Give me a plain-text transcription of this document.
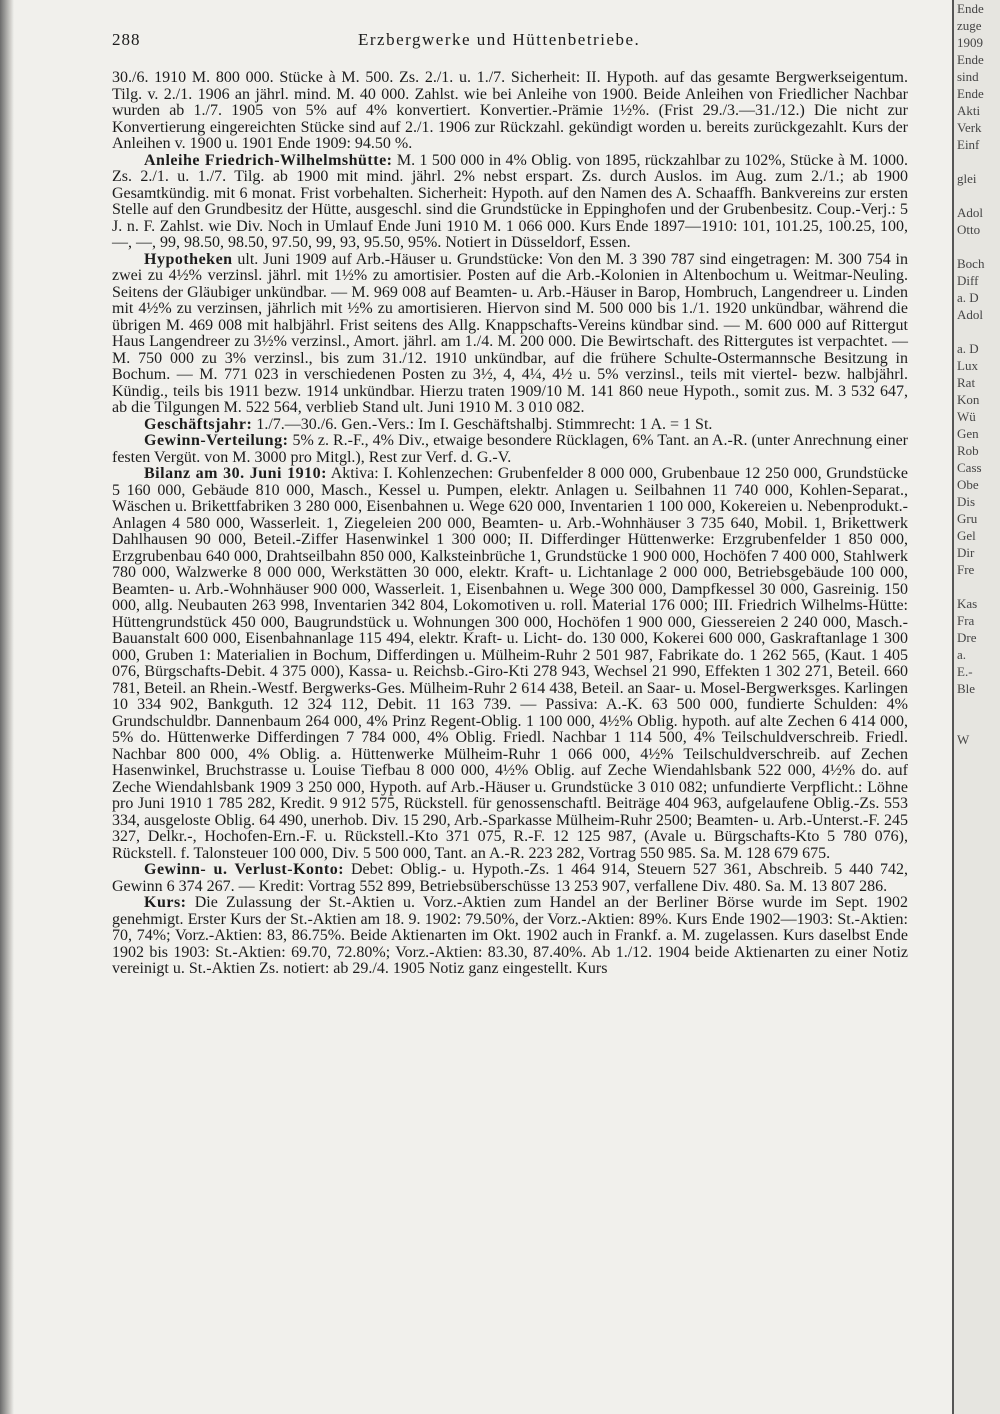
288	Erzbergwerke und Hüttenbetriebe.

30./6. 1910 M. 800 000. Stücke à M. 500. Zs. 2./1. u. 1./7. Sicherheit: II. Hypoth. auf das gesamte Bergwerkseigentum. Tilg. v. 2./1. 1906 an jährl. mind. M. 40 000. Zahlst. wie bei Anleihe von 1900. Beide Anleihen von Friedlicher Nachbar wurden ab 1./7. 1905 von 5% auf 4% konvertiert. Konvertier.-Prämie 1½%. (Frist 29./3.—31./12.) Die nicht zur Konvertierung eingereichten Stücke sind auf 2./1. 1906 zur Rückzahl. gekündigt worden u. bereits zurückgezahlt. Kurs der Anleihen v. 1900 u. 1901 Ende 1909: 94.50 %.

Anleihe Friedrich-Wilhelmshütte: M. 1 500 000 in 4% Oblig. von 1895, rückzahlbar zu 102%, Stücke à M. 1000. Zs. 2./1. u. 1./7. Tilg. ab 1900 mit mind. jährl. 2% nebst erspart. Zs. durch Auslos. im Aug. zum 2./1.; ab 1900 Gesamtkündig. mit 6 monat. Frist vorbehalten. Sicherheit: Hypoth. auf den Namen des A. Schaaffh. Bankvereins zur ersten Stelle auf den Grundbesitz der Hütte, ausgeschl. sind die Grundstücke in Eppinghofen und der Grubenbesitz. Coup.-Verj.: 5 J. n. F. Zahlst. wie Div. Noch in Umlauf Ende Juni 1910 M. 1 066 000. Kurs Ende 1897—1910: 101, 101.25, 100.25, 100, —, —, 99, 98.50, 98.50, 97.50, 99, 93, 95.50, 95%. Notiert in Düsseldorf, Essen.

Hypotheken ult. Juni 1909 auf Arb.-Häuser u. Grundstücke: Von den M. 3 390 787 sind eingetragen: M. 300 754 in zwei zu 4½% verzinsl. jährl. mit 1½% zu amortisier. Posten auf die Arb.-Kolonien in Altenbochum u. Weitmar-Neuling. Seitens der Gläubiger unkündbar. — M. 969 008 auf Beamten- u. Arb.-Häuser in Barop, Hombruch, Langendreer u. Linden mit 4½% zu verzinsen, jährlich mit ½% zu amortisieren. Hiervon sind M. 500 000 bis 1./1. 1920 unkündbar, während die übrigen M. 469 008 mit halbjährl. Frist seitens des Allg. Knappschafts-Vereins kündbar sind. — M. 600 000 auf Rittergut Haus Langendreer zu 3½% verzinsl., Amort. jährl. am 1./4. M. 200 000. Die Bewirtschaft. des Rittergutes ist verpachtet. — M. 750 000 zu 3% verzinsl., bis zum 31./12. 1910 unkündbar, auf die frühere Schulte-Ostermannsche Besitzung in Bochum. — M. 771 023 in verschiedenen Posten zu 3½, 4, 4¼, 4½ u. 5% verzinsl., teils mit viertel- bezw. halbjährl. Kündig., teils bis 1911 bezw. 1914 unkündbar. Hierzu traten 1909/10 M. 141 860 neue Hypoth., somit zus. M. 3 532 647, ab die Tilgungen M. 522 564, verblieb Stand ult. Juni 1910 M. 3 010 082.

Geschäftsjahr: 1./7.—30./6. Gen.-Vers.: Im I. Geschäftshalbj. Stimmrecht: 1 A. = 1 St.

Gewinn-Verteilung: 5% z. R.-F., 4% Div., etwaige besondere Rücklagen, 6% Tant. an A.-R. (unter Anrechnung einer festen Vergüt. von M. 3000 pro Mitgl.), Rest zur Verf. d. G.-V.

Bilanz am 30. Juni 1910: Aktiva: I. Kohlenzechen: Grubenfelder 8 000 000, Grubenbaue 12 250 000, Grundstücke 5 160 000, Gebäude 810 000, Masch., Kessel u. Pumpen, elektr. Anlagen u. Seilbahnen 11 740 000, Kohlen-Separat., Wäschen u. Brikettfabriken 3 280 000, Eisenbahnen u. Wege 620 000, Inventarien 1 100 000, Kokereien u. Nebenprodukt.-Anlagen 4 580 000, Wasserleit. 1, Ziegeleien 200 000, Beamten- u. Arb.-Wohnhäuser 3 735 640, Mobil. 1, Brikettwerk Dahlhausen 90 000, Beteil.-Ziffer Hasenwinkel 1 300 000; II. Differdinger Hüttenwerke: Erzgrubenfelder 1 850 000, Erzgrubenbau 640 000, Drahtseilbahn 850 000, Kalksteinbrüche 1, Grundstücke 1 900 000, Hochöfen 7 400 000, Stahlwerk 780 000, Walzwerke 8 000 000, Werkstätten 30 000, elektr. Kraft- u. Lichtanlage 2 000 000, Betriebsgebäude 100 000, Beamten- u. Arb.-Wohnhäuser 900 000, Wasserleit. 1, Eisenbahnen u. Wege 300 000, Dampfkessel 30 000, Gasreinig. 150 000, allg. Neubauten 263 998, Inventarien 342 804, Lokomotiven u. roll. Material 176 000; III. Friedrich Wilhelms-Hütte: Hüttengrundstück 450 000, Baugrundstück u. Wohnungen 300 000, Hochöfen 1 900 000, Giessereien 2 240 000, Masch.-Bauanstalt 600 000, Eisenbahnanlage 115 494, elektr. Kraft- u. Licht- do. 130 000, Kokerei 600 000, Gaskraftanlage 1 300 000, Gruben 1: Materialien in Bochum, Differdingen u. Mülheim-Ruhr 2 501 987, Fabrikate do. 1 262 565, (Kaut. 1 405 076, Bürgschafts-Debit. 4 375 000), Kassa- u. Reichsb.-Giro-Kti 278 943, Wechsel 21 990, Effekten 1 302 271, Beteil. 660 781, Beteil. an Rhein.-Westf. Bergwerks-Ges. Mülheim-Ruhr 2 614 438, Beteil. an Saar- u. Mosel-Bergwerksges. Karlingen 10 334 902, Bankguth. 12 324 112, Debit. 11 163 739. — Passiva: A.-K. 63 500 000, fundierte Schulden: 4% Grundschuldbr. Dannenbaum 264 000, 4% Prinz Regent-Oblig. 1 100 000, 4½% Oblig. hypoth. auf alte Zechen 6 414 000, 5% do. Hüttenwerke Differdingen 7 784 000, 4% Oblig. Friedl. Nachbar 1 114 500, 4% Teilschuldverschreib. Friedl. Nachbar 800 000, 4% Oblig. a. Hüttenwerke Mülheim-Ruhr 1 066 000, 4½% Teilschuldverschreib. auf Zechen Hasenwinkel, Bruchstrasse u. Louise Tiefbau 8 000 000, 4½% Oblig. auf Zeche Wiendahlsbank 522 000, 4½% do. auf Zeche Wiendahlsbank 1909 3 250 000, Hypoth. auf Arb.-Häuser u. Grundstücke 3 010 082; unfundierte Verpflicht.: Löhne pro Juni 1910 1 785 282, Kredit. 9 912 575, Rückstell. für genossenschaftl. Beiträge 404 963, aufgelaufene Oblig.-Zs. 553 334, ausgeloste Oblig. 64 490, unerhob. Div. 15 290, Arb.-Sparkasse Mülheim-Ruhr 2500; Beamten- u. Arb.-Unterst.-F. 245 327, Delkr.-, Hochofen-Ern.-F. u. Rückstell.-Kto 371 075, R.-F. 12 125 987, (Avale u. Bürgschafts-Kto 5 780 076), Rückstell. f. Talonsteuer 100 000, Div. 5 500 000, Tant. an A.-R. 223 282, Vortrag 550 985. Sa. M. 128 679 675.

Gewinn- u. Verlust-Konto: Debet: Oblig.- u. Hypoth.-Zs. 1 464 914, Steuern 527 361, Abschreib. 5 440 742, Gewinn 6 374 267. — Kredit: Vortrag 552 899, Betriebsüberschüsse 13 253 907, verfallene Div. 480. Sa. M. 13 807 286.

Kurs: Die Zulassung der St.-Aktien u. Vorz.-Aktien zum Handel an der Berliner Börse wurde im Sept. 1902 genehmigt. Erster Kurs der St.-Aktien am 18. 9. 1902: 79.50%, der Vorz.-Aktien: 89%. Kurs Ende 1902—1903: St.-Aktien: 70, 74%; Vorz.-Aktien: 83, 86.75%. Beide Aktienarten im Okt. 1902 auch in Frankf. a. M. zugelassen. Kurs daselbst Ende 1902 bis 1903: St.-Aktien: 69.70, 72.80%; Vorz.-Aktien: 83.30, 87.40%. Ab 1./12. 1904 beide Aktienarten zu einer Notiz vereinigt u. St.-Aktien Zs. notiert: ab 29./4. 1905 Notiz ganz eingestellt. Kurs

Ende
zuge
1909
Ende
sind
Ende
Akti
Verk
Einf

glei

Adol
Otto

Boch
Diff
a. D
Adol

a. D
Lux
Rat
Kon
Wü
Gen
Rob
Cass
Obe
Dis
Gru
Gel
Dir
Fre

Kas
Fra
Dre
a.
E.-
Ble

W
